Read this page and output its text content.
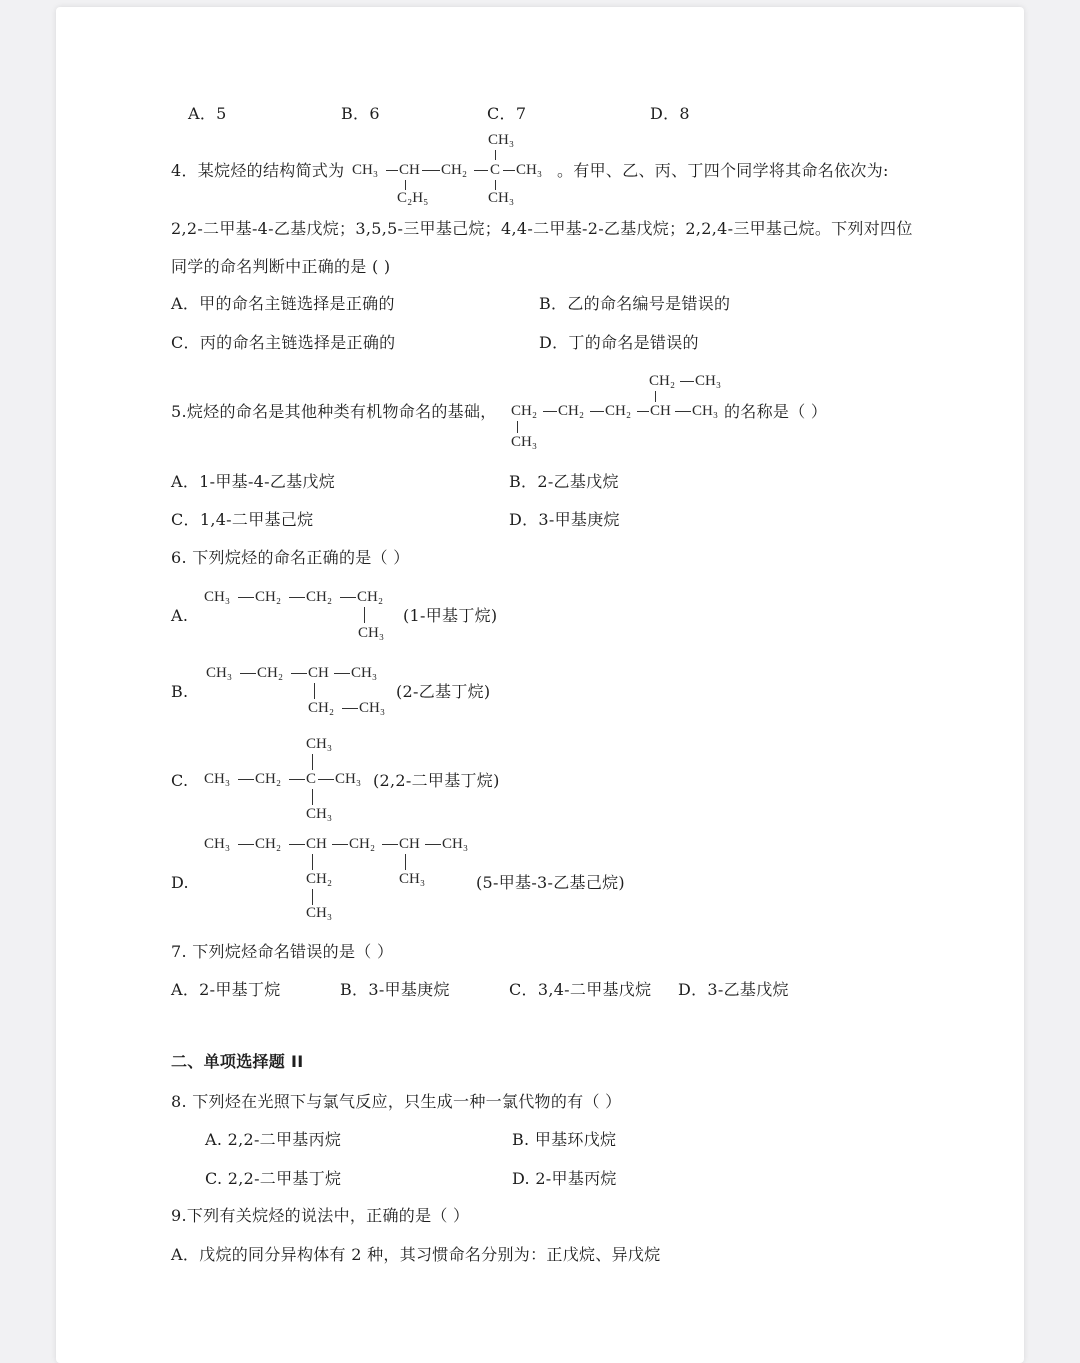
A．5	B．6	C．7	D．8
4．某烷烃的结构简式为
CH₃
CH₃ CH CH₂ C CH₃
C₂H₅	CH₃
。有甲、乙、丙、丁四个同学将其命名依次为:
2,2-二甲基-4-乙基戊烷；3,5,5-三甲基己烷；4,4-二甲基-2-乙基戊烷；2,2,4-三甲基己烷。下列对四位
同学的命名判断中正确的是 ( )
A．甲的命名主链选择是正确的	B．乙的命名编号是错误的
C．丙的命名主链选择是正确的	D．丁的命名是错误的
5.烷烃的命名是其他种类有机物命名的基础，
CH₂ CH₃
CH₂ CH₂ CH₂ CH CH₃
CH₃
的名称是（ ）
A．1-甲基-4-乙基戊烷	B．2-乙基戊烷
C．1,4-二甲基己烷	D．3-甲基庚烷
6. 下列烷烃的命名正确的是（ ）
A.
CH₃ CH₂ CH₂ CH₂
CH₃
(1-甲基丁烷)
B.
CH₃ CH₂ CH CH₃
CH₂ CH₃
(2-乙基丁烷)
C.
CH₃
CH₃ CH₂ C CH₃
CH₃
(2,2-二甲基丁烷)
D.
CH₃ CH₂ CH CH₂ CH CH₃
CH₂
CH₃
CH₃	(5-甲基-3-乙基己烷)
7. 下列烷烃命名错误的是（ ）
A．2-甲基丁烷	B．3-甲基庚烷	C．3,4-二甲基戊烷 D．3-乙基戊烷
二、单项选择题 II
8. 下列烃在光照下与氯气反应，只生成一种一氯代物的有（ ）
A. 2,2-二甲基丙烷	B. 甲基环戊烷
C. 2,2-二甲基丁烷	D. 2-甲基丙烷
9.下列有关烷烃的说法中，正确的是（ ）
A．戊烷的同分异构体有 2 种，其习惯命名分别为：正戊烷、异戊烷
